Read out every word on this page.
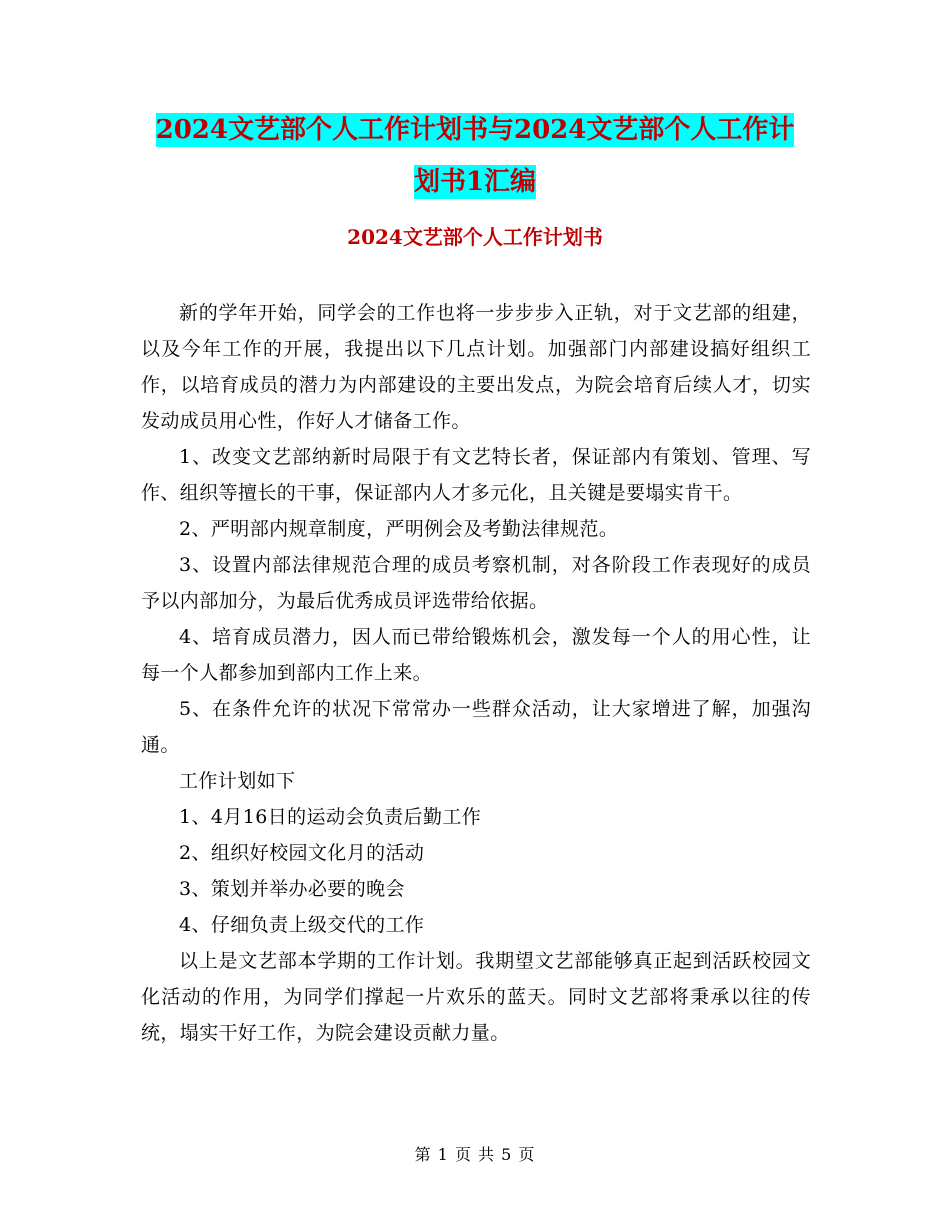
2024文艺部个人工作计划书与2024文艺部个人工作计
划书1汇编
2024文艺部个人工作计划书

新的学年开始，同学会的工作也将一步步步入正轨，对于文艺部的组建，以及今年工作的开展，我提出以下几点计划。加强部门内部建设搞好组织工作，以培育成员的潜力为内部建设的主要出发点，为院会培育后续人才，切实发动成员用心性，作好人才储备工作。

1、改变文艺部纳新时局限于有文艺特长者，保证部内有策划、管理、写作、组织等擅长的干事，保证部内人才多元化，且关键是要塌实肯干。

2、严明部内规章制度，严明例会及考勤法律规范。

3、设置内部法律规范合理的成员考察机制，对各阶段工作表现好的成员予以内部加分，为最后优秀成员评选带给依据。

4、培育成员潜力，因人而已带给锻炼机会，激发每一个人的用心性，让每一个人都参加到部内工作上来。

5、在条件允许的状况下常常办一些群众活动，让大家增进了解，加强沟通。

工作计划如下

1、4月16日的运动会负责后勤工作

2、组织好校园文化月的活动

3、策划并举办必要的晚会

4、仔细负责上级交代的工作

以上是文艺部本学期的工作计划。我期望文艺部能够真正起到活跃校园文化活动的作用，为同学们撑起一片欢乐的蓝天。同时文艺部将秉承以往的传统，塌实干好工作，为院会建设贡献力量。

第 1 页 共 5 页
